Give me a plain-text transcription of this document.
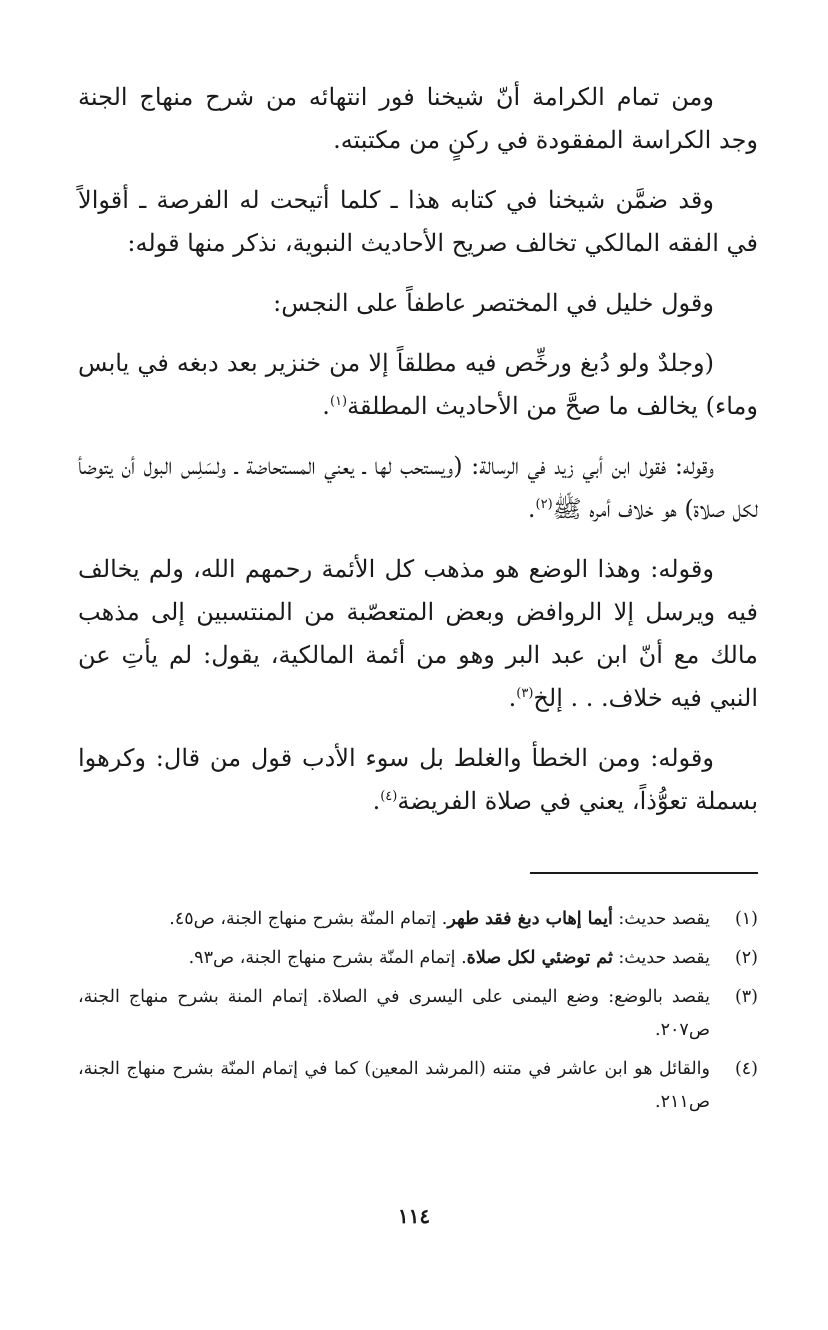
ومن تمام الكرامة أنّ شيخنا فور انتهائه من شرح منهاج الجنة وجد الكراسة المفقودة في ركنٍ من مكتبته.

وقد ضمَّن شيخنا في كتابه هذا ـ كلما أتيحت له الفرصة ـ أقوالاً في الفقه المالكي تخالف صريح الأحاديث النبوية، نذكر منها قوله:

وقول خليل في المختصر عاطفاً على النجس:

(وجلدٌ ولو دُبغ ورخِّص فيه مطلقاً إلا من خنزير بعد دبغه في يابس وماء) يخالف ما صحَّ من الأحاديث المطلقة$^{(١)}$.

وقوله: فقول ابن أبي زيد في الرسالة: (ويستحب لها ـ يعني المستحاضة ـ ولسَلِس البول أن يتوضأ لكل صلاة) هو خلاف أمره ﷺ$^{(٢)}$.

وقوله: وهذا الوضع هو مذهب كل الأئمة رحمهم الله، ولم يخالف فيه ويرسل إلا الروافض وبعض المتعصّبة من المنتسبين إلى مذهب مالك مع أنّ ابن عبد البر وهو من أئمة المالكية، يقول: لم يأتِ عن النبي فيه خلاف. . . إلخ$^{(٣)}$.

وقوله: ومن الخطأ والغلط بل سوء الأدب قول من قال: وكرهوا بسملة تعوُّذاً، يعني في صلاة الفريضة$^{(٤)}$.

(١)
يقصد حديث: أيما إهاب دبغ فقد طهر. إتمام المنّة بشرح منهاج الجنة، ص٤٥.

(٢)
يقصد حديث: ثم توضئي لكل صلاة. إتمام المنّة بشرح منهاج الجنة، ص٩٣.

(٣)
يقصد بالوضع: وضع اليمنى على اليسرى في الصلاة. إتمام المنة بشرح منهاج الجنة، ص٢٠٧.

(٤)
والقائل هو ابن عاشر في متنه (المرشد المعين) كما في إتمام المنّة بشرح منهاج الجنة، ص٢١١.

١١٤
